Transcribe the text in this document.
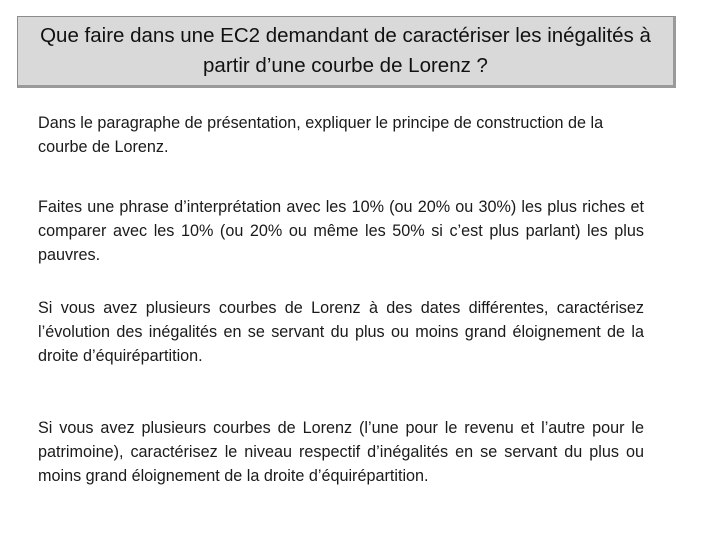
Que faire dans une EC2 demandant de caractériser les inégalités à partir d’une courbe de Lorenz ?

Dans le paragraphe de présentation, expliquer le principe de construction de la courbe de Lorenz.

Faites une phrase d’interprétation avec les 10% (ou 20% ou 30%) les plus riches et comparer avec les 10% (ou 20% ou même les 50% si c’est plus parlant) les plus pauvres.

Si vous avez plusieurs courbes de Lorenz à des dates différentes, caractérisez l’évolution des inégalités en se servant du plus ou moins grand éloignement de la droite d’équirépartition.

Si vous avez plusieurs courbes de Lorenz (l’une pour le revenu et l’autre pour le patrimoine), caractérisez le niveau respectif d’inégalités en se servant du plus ou moins grand éloignement de la droite d’équirépartition.
